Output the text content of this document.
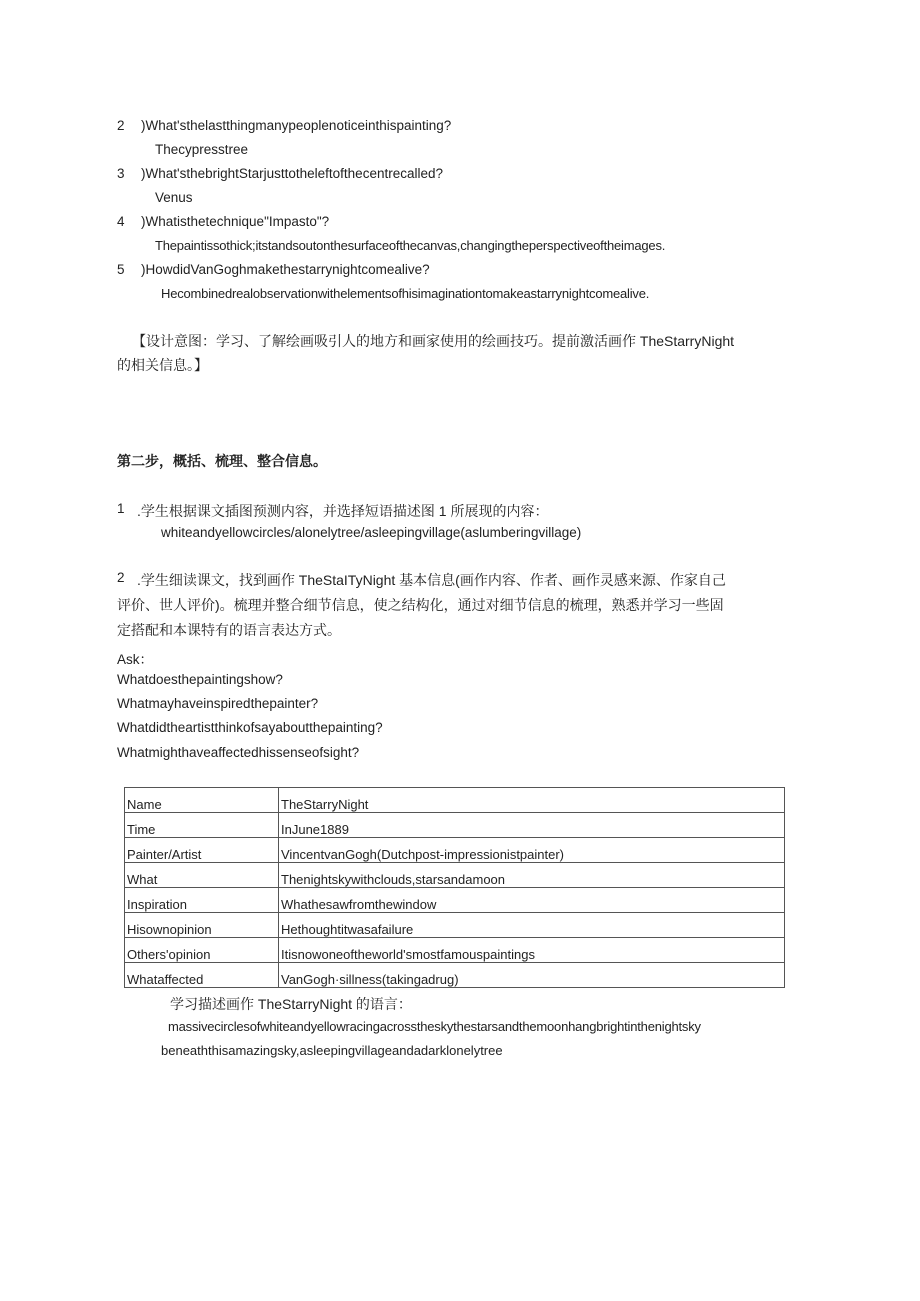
2 )What'sthelastthingmanypeoplenoticeinthispainting?
Thecypresstree
3 )What'sthebrightStarjusttotheleftofthecentrecalled?
Venus
4 )Whatisthetechnique"Impasto"?
Thepaintissothick;itstandsoutonthesurfaceofthecanvas,changingtheperspectiveoftheimages.
5 )HowdidVanGoghmakethestarrynightcomealive?
Hecombinedrealobservationwithelementsofhisimaginationtomakeastarrynightcomealive.
【设计意图：学习、了解绘画吸引人的地方和画家使用的绘画技巧。提前激活画作 TheStarryNight
的相关信息。】
第二步，概括、梳理、整合信息。
1 .学生根据课文插图预测内容，并选择短语描述图 1 所展现的内容：
whiteandyellowcircles/alonelytree/asleepingvillage(aslumberingvillage)
2 .学生细读课文，找到画作 TheStaITyNight 基本信息(画作内容、作者、画作灵感来源、作家自己
评价、世人评价)。梳理并整合细节信息，使之结构化，通过对细节信息的梳理，熟悉并学习一些固
定搭配和本课特有的语言表达方式。
Ask：
Whatdoesthepaintingshow?
Whatmayhaveinspiredthepainter?
Whatdidtheartistthinkofsayaboutthepainting?
Whatmighthaveaffectedhissenseofsight?
Name	TheStarryNight
Time	InJune1889
Painter/Artist	VincentvanGogh(Dutchpost-impressionistpainter)
What	Thenightskywithclouds,starsandamoon
Inspiration	Whathesawfromthewindow
Hisownopinion	Hethoughtitwasafailure
Others'opinion	Itisnowoneoftheworld'smostfamouspaintings
Whataffected	VanGogh·sillness(takingadrug)
学习描述画作 TheStarryNight 的语言：
massivecirclesofwhiteandyellowracingacrosstheskythestarsandthemoonhangbrightinthenightsky
beneaththisamazingsky,asleepingvillageandadarklonelytree
